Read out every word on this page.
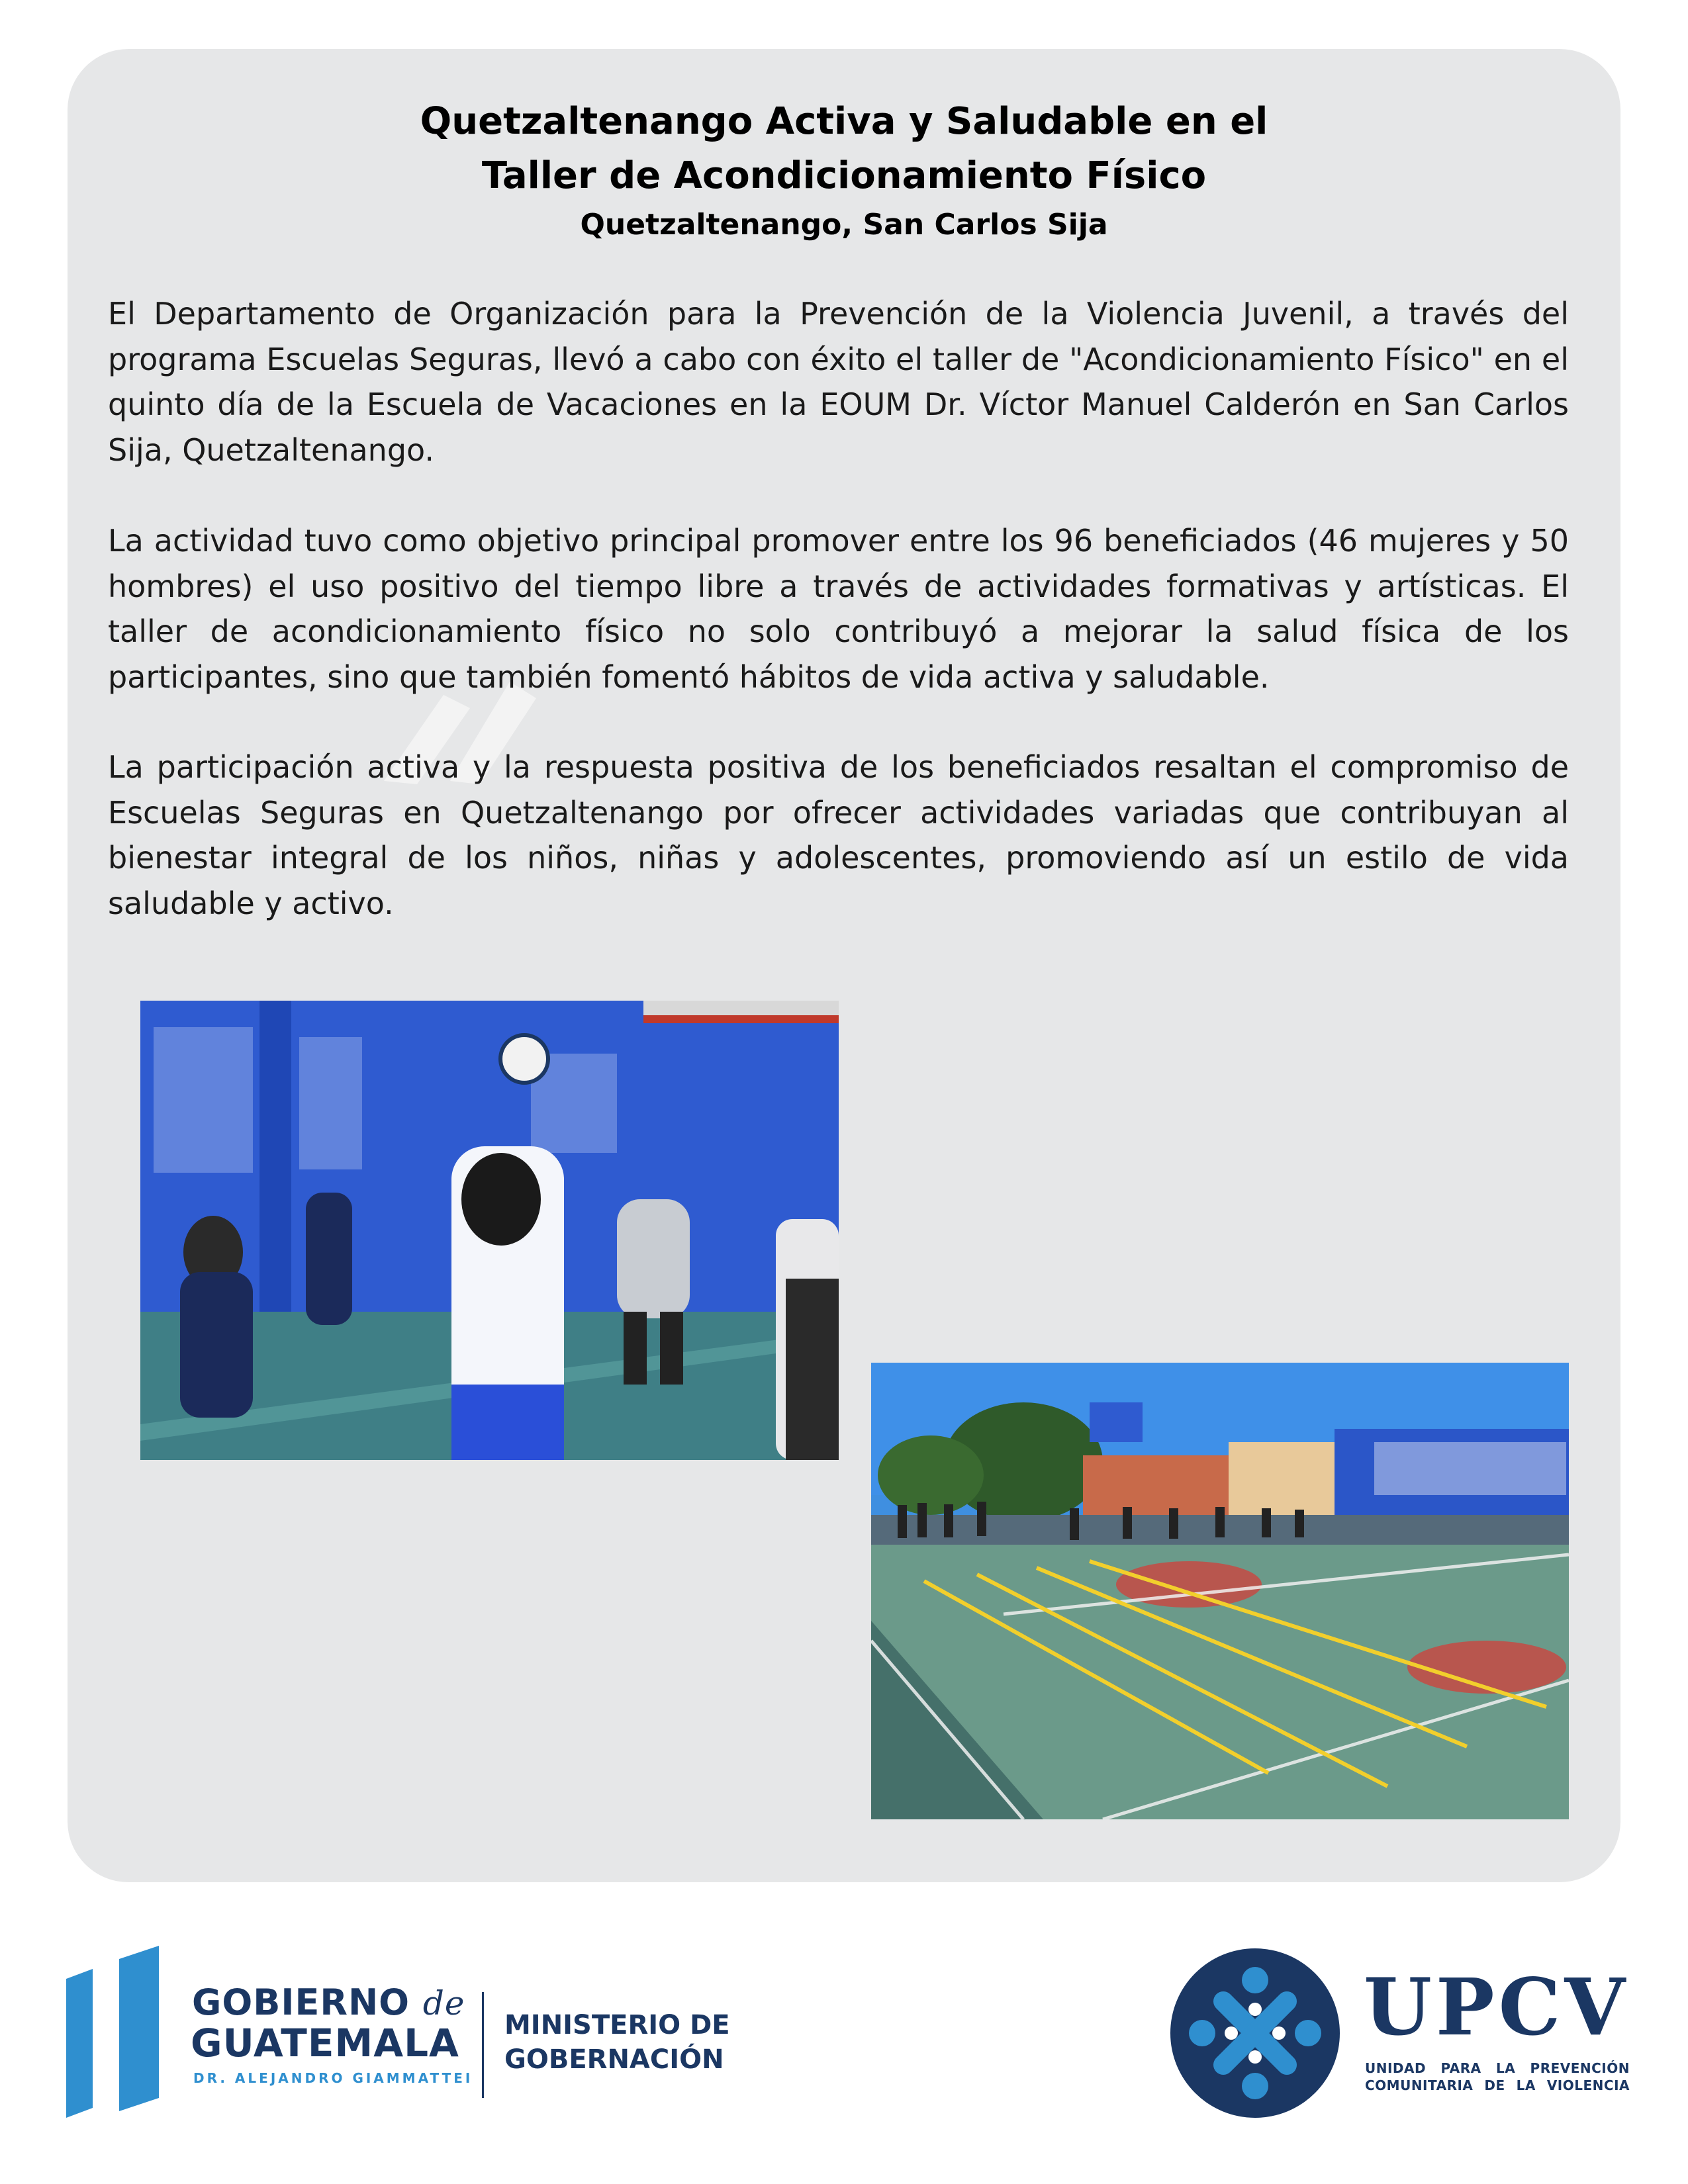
Quetzaltenango Activa y Saludable en el
Taller de Acondicionamiento Físico
Quetzaltenango, San Carlos Sija

El Departamento de Organización para la Prevención de la Violencia Juvenil, a través del programa Escuelas Seguras, llevó a cabo con éxito el taller de "Acondicionamiento Físico" en el quinto día de la Escuela de Vacaciones en la EOUM Dr. Víctor Manuel Calderón en San Carlos Sija, Quetzaltenango.

La actividad tuvo como objetivo principal promover entre los 96 beneficiados (46 mujeres y 50 hombres) el uso positivo del tiempo libre a través de actividades formativas y artísticas. El taller de acondicionamiento físico no solo contribuyó a mejorar la salud física de los participantes, sino que también fomentó hábitos de vida activa y saludable.

La participación activa y la respuesta positiva de los beneficiados resaltan el compromiso de Escuelas Seguras en Quetzaltenango por ofrecer actividades variadas que contribuyan al bienestar integral de los niños, niñas y adolescentes, promoviendo así un estilo de vida saludable y activo.

GOBIERNO de
GUATEMALA
DR. ALEJANDRO GIAMMATTEI

MINISTERIO DE
GOBERNACIÓN

UPCV
UNIDAD PARA LA PREVENCIÓN
COMUNITARIA DE LA VIOLENCIA
